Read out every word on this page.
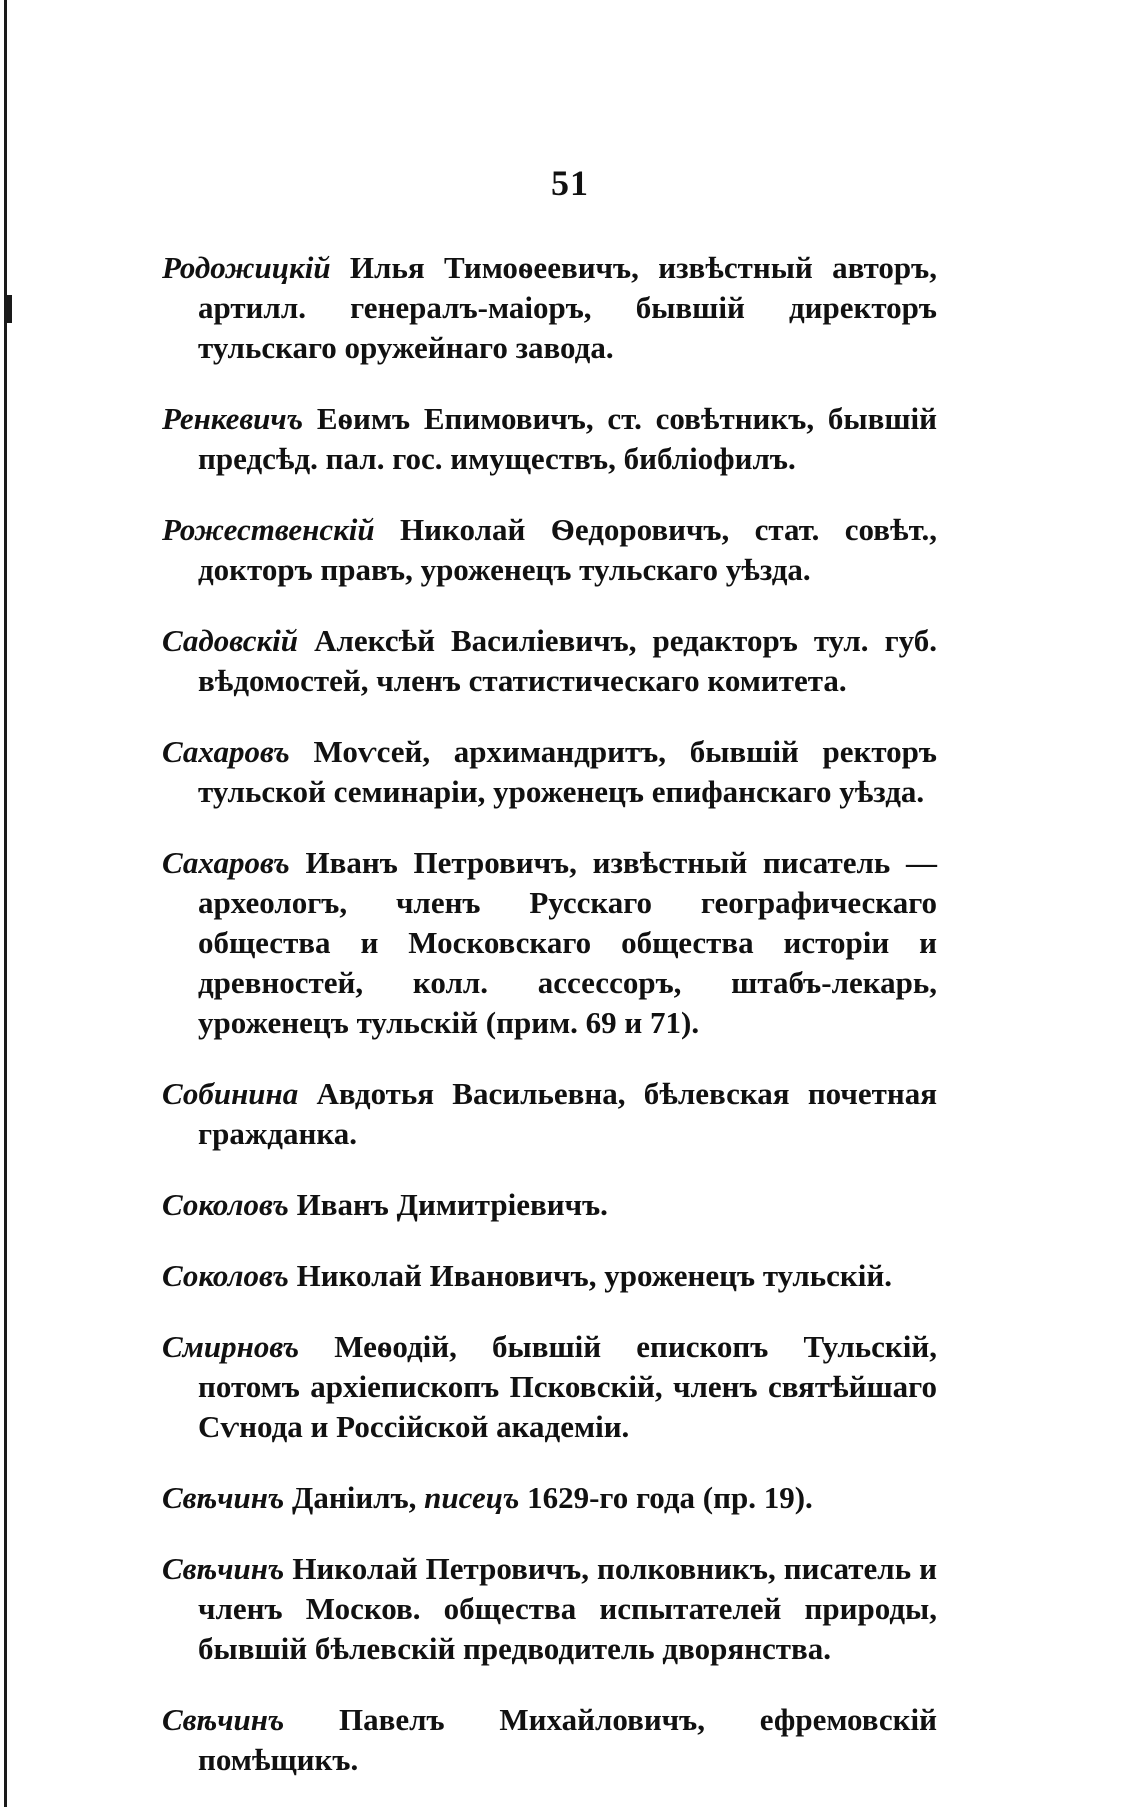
51

Родожицкій Илья Тимоѳеевичъ, извѣстный авторъ, артилл. генералъ-маіоръ, бывшій директоръ тульскаго оружейнаго завода.

Ренкевичъ Еѳимъ Епимовичъ, ст. совѣтникъ, бывшій предсѣд. пал. гос. имуществъ, библіофилъ.

Рожественскій Николай Ѳедоровичъ, стат. совѣт., докторъ правъ, уроженецъ тульскаго уѣзда.

Садовскій Алексѣй Василіевичъ, редакторъ тул. губ. вѣдомостей, членъ статистическаго комитета.

Сахаровъ Моѵсей, архимандритъ, бывшій ректоръ тульской семинаріи, уроженецъ епифанскаго уѣзда.

Сахаровъ Иванъ Петровичъ, извѣстный писатель — археологъ, членъ Русскаго географическаго общества и Московскаго общества исторіи и древностей, колл. ассессоръ, штабъ-лекарь, уроженецъ тульскій (прим. 69 и 71).

Собинина Авдотья Васильевна, бѣлевская почетная гражданка.

Соколовъ Иванъ Димитріевичъ.

Соколовъ Николай Ивановичъ, уроженецъ тульскій.

Смирновъ Меѳодій, бывшій епископъ Тульскій, потомъ архіепископъ Псковскій, членъ святѣйшаго Сѵнода и Россійской академіи.

Свѣчинъ Даніилъ, писецъ 1629-го года (пр. 19).

Свѣчинъ Николай Петровичъ, полковникъ, писатель и членъ Москов. общества испытателей природы, бывшій бѣлевскій предводитель дворянства.

Свѣчинъ Павелъ Михайловичъ, ефремовскій помѣщикъ.
